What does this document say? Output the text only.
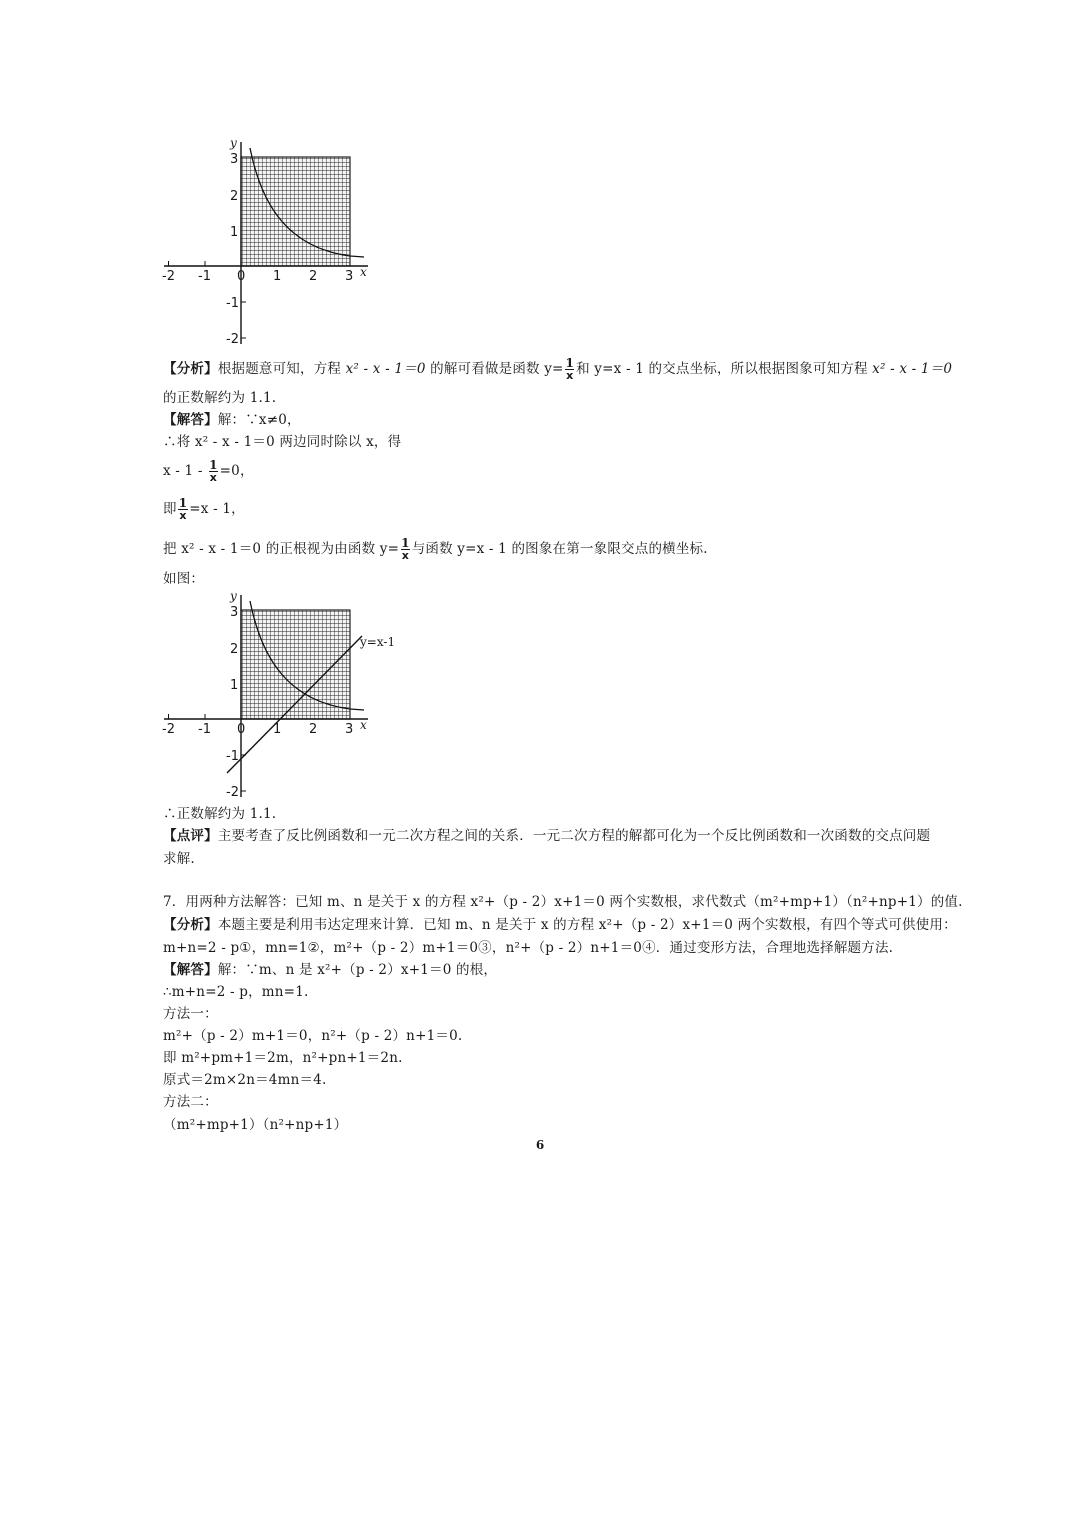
-2 -1 0 1 2 3
3
2
1
-1
-2
x
y
【分析】根据题意可知，方程 x² - x - 1＝0 的解可看做是函数 $y= \frac{1}{x}$ 和 y=x - 1 的交点坐标，所以根据图象可知方程 x² - x - 1＝0
的正数解约为 1.1.
【解答】解：∵x≠0，
∴将 x² - x - 1＝0 两边同时除以 x，得
$x - 1 - \frac{1}{x} =0$，
即 $\frac{1}{x} =x - 1$，
把 x² - x - 1＝0 的正根视为由函数 $y= \frac{1}{x}$ 与函数 y=x - 1 的图象在第一象限交点的横坐标.
如图：
y=x-1
-2 -1 0 1 2 3
3
2
1
-1
-2
x
y
∴正数解约为 1.1.
【点评】主要考查了反比例函数和一元二次方程之间的关系．一元二次方程的解都可化为一个反比例函数和一次函数的交点问题
求解.
7．用两种方法解答：已知 m、n 是关于 x 的方程 x²+（p - 2）x+1＝0 两个实数根，求代数式（m²+mp+1）（n²+np+1）的值.
【分析】本题主要是利用韦达定理来计算．已知 m、n 是关于 x 的方程 x²+（p - 2）x+1＝0 两个实数根，有四个等式可供使用：
m+n=2 - p①，mn=1②，m²+（p - 2）m+1＝0③，n²+（p - 2）n+1＝0④．通过变形方法，合理地选择解题方法.
【解答】解：∵m、n 是 x²+（p - 2）x+1＝0 的根，
∴m+n=2 - p，mn=1.
方法一：
m²+（p - 2）m+1＝0，n²+（p - 2）n+1＝0.
即 m²+pm+1＝2m，n²+pn+1＝2n.
原式＝2m×2n＝4mn＝4.
方法二：
（m²+mp+1）（n²+np+1）
6
